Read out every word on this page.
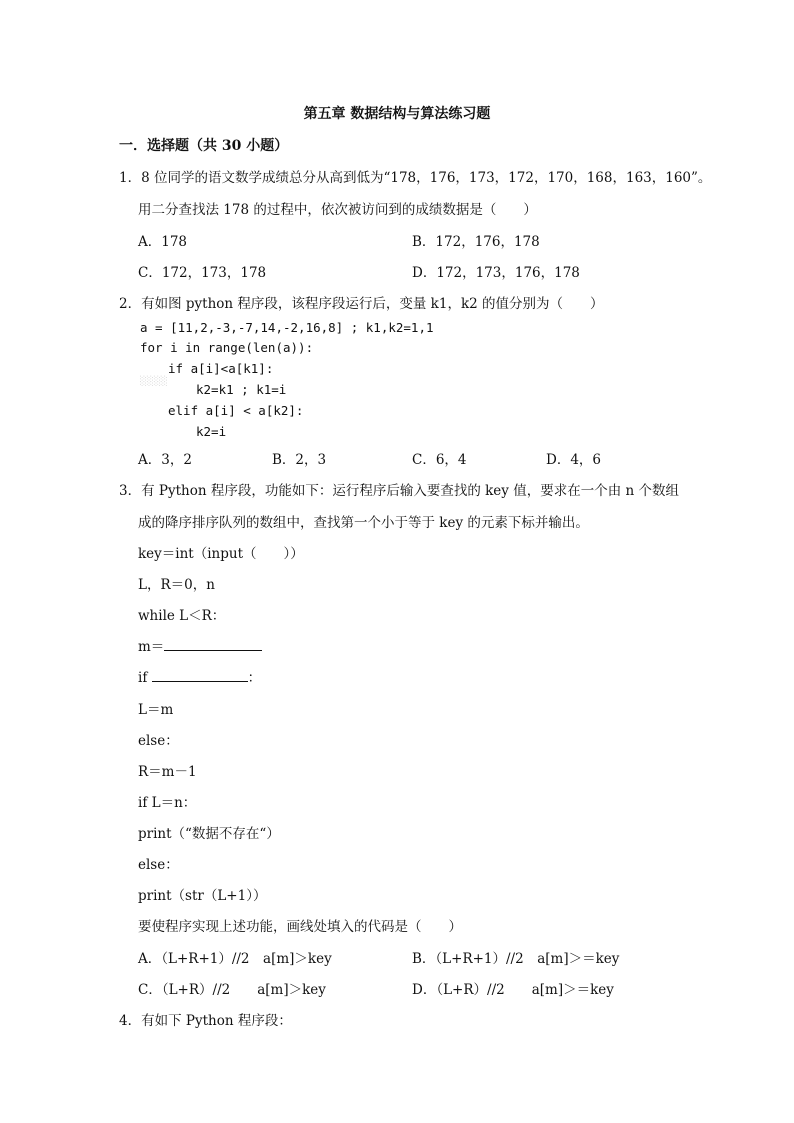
第五章 数据结构与算法练习题
一．选择题（共 30 小题）
1．8 位同学的语文数学成绩总分从高到低为“178，176，173，172，170，168，163，160”。
用二分查找法 178 的过程中，依次被访问到的成绩数据是（　　）
A．178	B．172，176，178
C．172，173，178	D．172，173，176，178
2．有如图 python 程序段，该程序段运行后，变量 k1，k2 的值分别为（　　）
a = [11,2,-3,-7,14,-2,16,8] ; k1,k2=1,1
for i in range(len(a)):
if a[i]<a[k1]:
░░░░	k2=k1 ; k1=i
elif a[i] < a[k2]:
k2=i
A．3，2	B．2，3	C．6，4	D．4，6
3．有 Python 程序段，功能如下：运行程序后输入要查找的 key 值，要求在一个由 n 个数组
成的降序排序队列的数组中，查找第一个小于等于 key 的元素下标并输出。
key＝int（input（　　））
L，R＝0，n
while L＜R：
m＝
if	：
L＝m
else：
R＝m－1
if L＝n：
print（“数据不存在“）
else：
print（str（L+1））
要使程序实现上述功能，画线处填入的代码是（　　）
A．（L+R+1）//2　a[m]＞key	B．（L+R+1）//2　a[m]＞＝key
C．（L+R）//2　　a[m]＞key	D．（L+R）//2　　a[m]＞＝key
4．有如下 Python 程序段：
